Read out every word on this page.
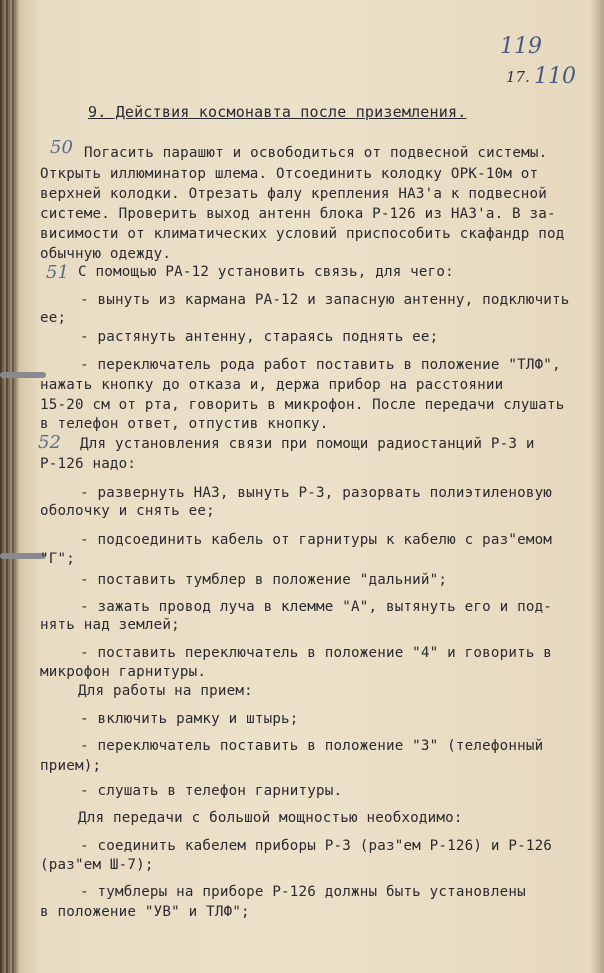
119
17. 110
9. Действия космонавта после приземления.
50
51
52
Погасить парашют и освободиться от подвесной системы.
Открыть иллюминатор шлема. Отсоединить колодку ОРК-10м от
верхней колодки. Отрезать фалу крепления НАЗ'а к подвесной
системе. Проверить выход антенн блока Р-126 из НАЗ'а. В за-
висимости от климатических условий приспособить скафандр под
обычную одежду.
С помощью РА-12 установить связь, для чего:
- вынуть из кармана РА-12 и запасную антенну, подключить
ее;
- растянуть антенну, стараясь поднять ее;
- переключатель рода работ поставить в положение "ТЛФ",
нажать кнопку до отказа и, держа прибор на расстоянии
15-20 см от рта, говорить в микрофон. После передачи слушать
в телефон ответ, отпустив кнопку.
Для установления связи при помощи радиостанций Р-3 и
Р-126 надо:
- развернуть НАЗ, вынуть Р-3, разорвать полиэтиленовую
оболочку и снять ее;
- подсоединить кабель от гарнитуры к кабелю с раз"емом
"Г";
- поставить тумблер в положение "дальний";
- зажать провод луча в клемме "А", вытянуть его и под-
нять над землей;
- поставить переключатель в положение "4" и говорить в
микрофон гарнитуры.
Для работы на прием:
- включить рамку и штырь;
- переключатель поставить в положение "3" (телефонный
прием);
- слушать в телефон гарнитуры.
Для передачи с большой мощностью необходимо:
- соединить кабелем приборы Р-3 (раз"ем Р-126) и Р-126
(раз"ем Ш-7);
- тумблеры на приборе Р-126 должны быть установлены
в положение "УВ" и ТЛФ";
